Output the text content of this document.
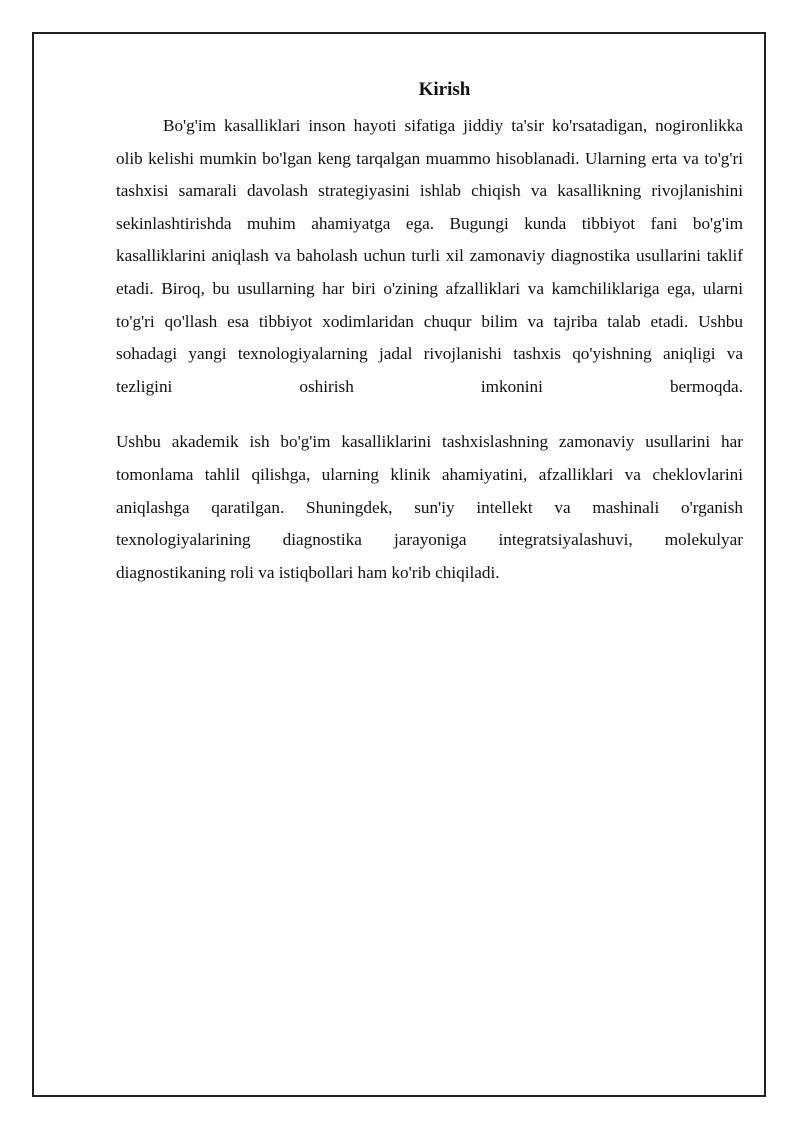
Kirish

Bo'g'im kasalliklari inson hayoti sifatiga jiddiy ta'sir ko'rsatadigan, nogironlikka olib kelishi mumkin bo'lgan keng tarqalgan muammo hisoblanadi. Ularning erta va to'g'ri tashxisi samarali davolash strategiyasini ishlab chiqish va kasallikning rivojlanishini sekinlashtirishda muhim ahamiyatga ega. Bugungi kunda tibbiyot fani bo'g'im kasalliklarini aniqlash va baholash uchun turli xil zamonaviy diagnostika usullarini taklif etadi. Biroq, bu usullarning har biri o'zining afzalliklari va kamchiliklariga ega, ularni to'g'ri qo'llash esa tibbiyot xodimlaridan chuqur bilim va tajriba talab etadi. Ushbu sohadagi yangi texnologiyalarning jadal rivojlanishi tashxis qo'yishning aniqligi va tezligini oshirish imkonini bermoqda.

Ushbu akademik ish bo'g'im kasalliklarini tashxislashning zamonaviy usullarini har tomonlama tahlil qilishga, ularning klinik ahamiyatini, afzalliklari va cheklovlarini aniqlashga qaratilgan. Shuningdek, sun'iy intellekt va mashinali o'rganish texnologiyalarining diagnostika jarayoniga integratsiyalashuvi, molekulyar diagnostikaning roli va istiqbollari ham ko'rib chiqiladi.
